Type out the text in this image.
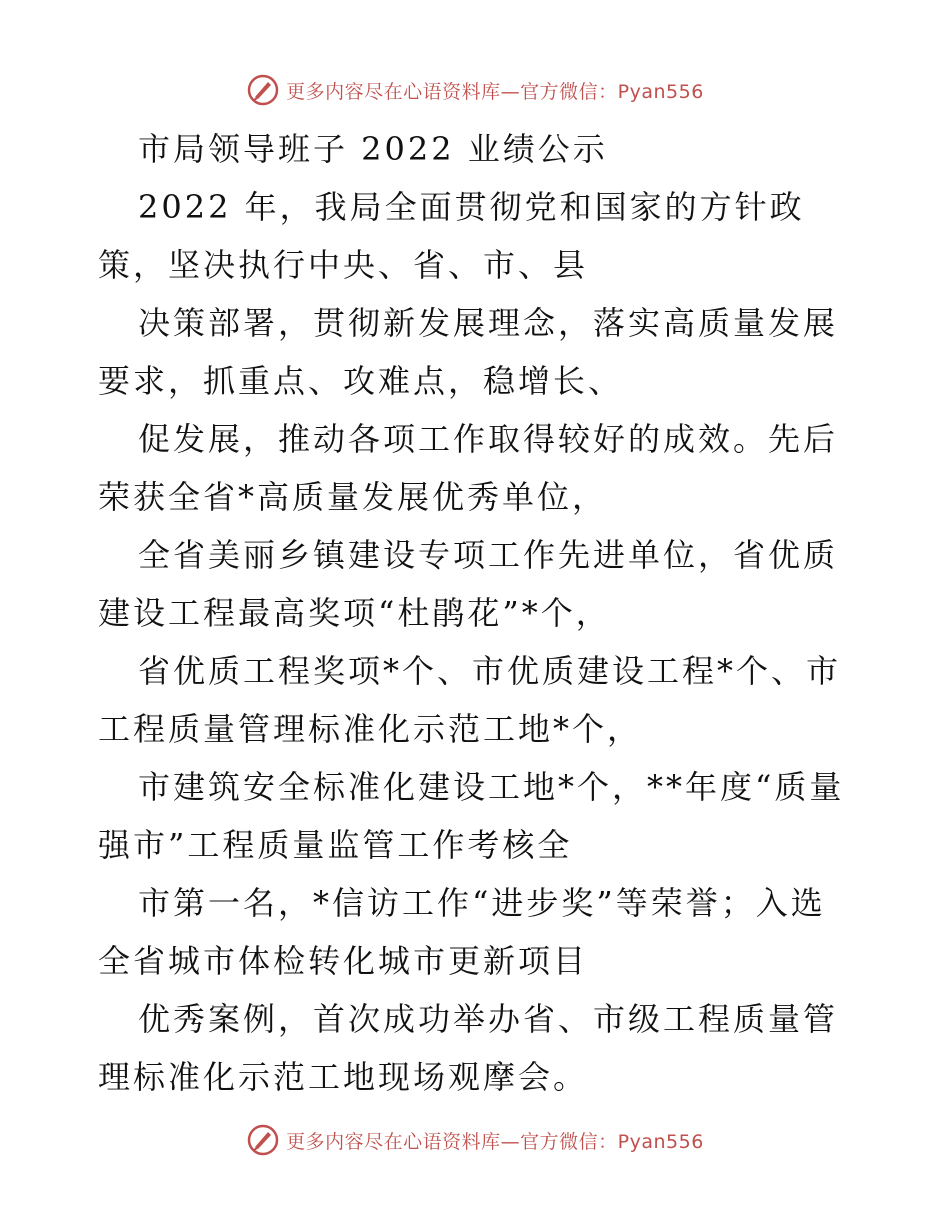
更多内容尽在心语资料库—官方微信：Pyan556

市局领导班子 2022 业绩公示

2022 年，我局全面贯彻党和国家的方针政策，坚决执行中央、省、市、县

决策部署，贯彻新发展理念，落实高质量发展要求，抓重点、攻难点，稳增长、

促发展，推动各项工作取得较好的成效。先后荣获全省*高质量发展优秀单位，

全省美丽乡镇建设专项工作先进单位，省优质建设工程最高奖项“杜鹃花”*个，

省优质工程奖项*个、市优质建设工程*个、市工程质量管理标准化示范工地*个，

市建筑安全标准化建设工地*个，**年度“质量强市”工程质量监管工作考核全

市第一名，*信访工作“进步奖”等荣誉；入选全省城市体检转化城市更新项目

优秀案例，首次成功举办省、市级工程质量管理标准化示范工地现场观摩会。

更多内容尽在心语资料库—官方微信：Pyan556
